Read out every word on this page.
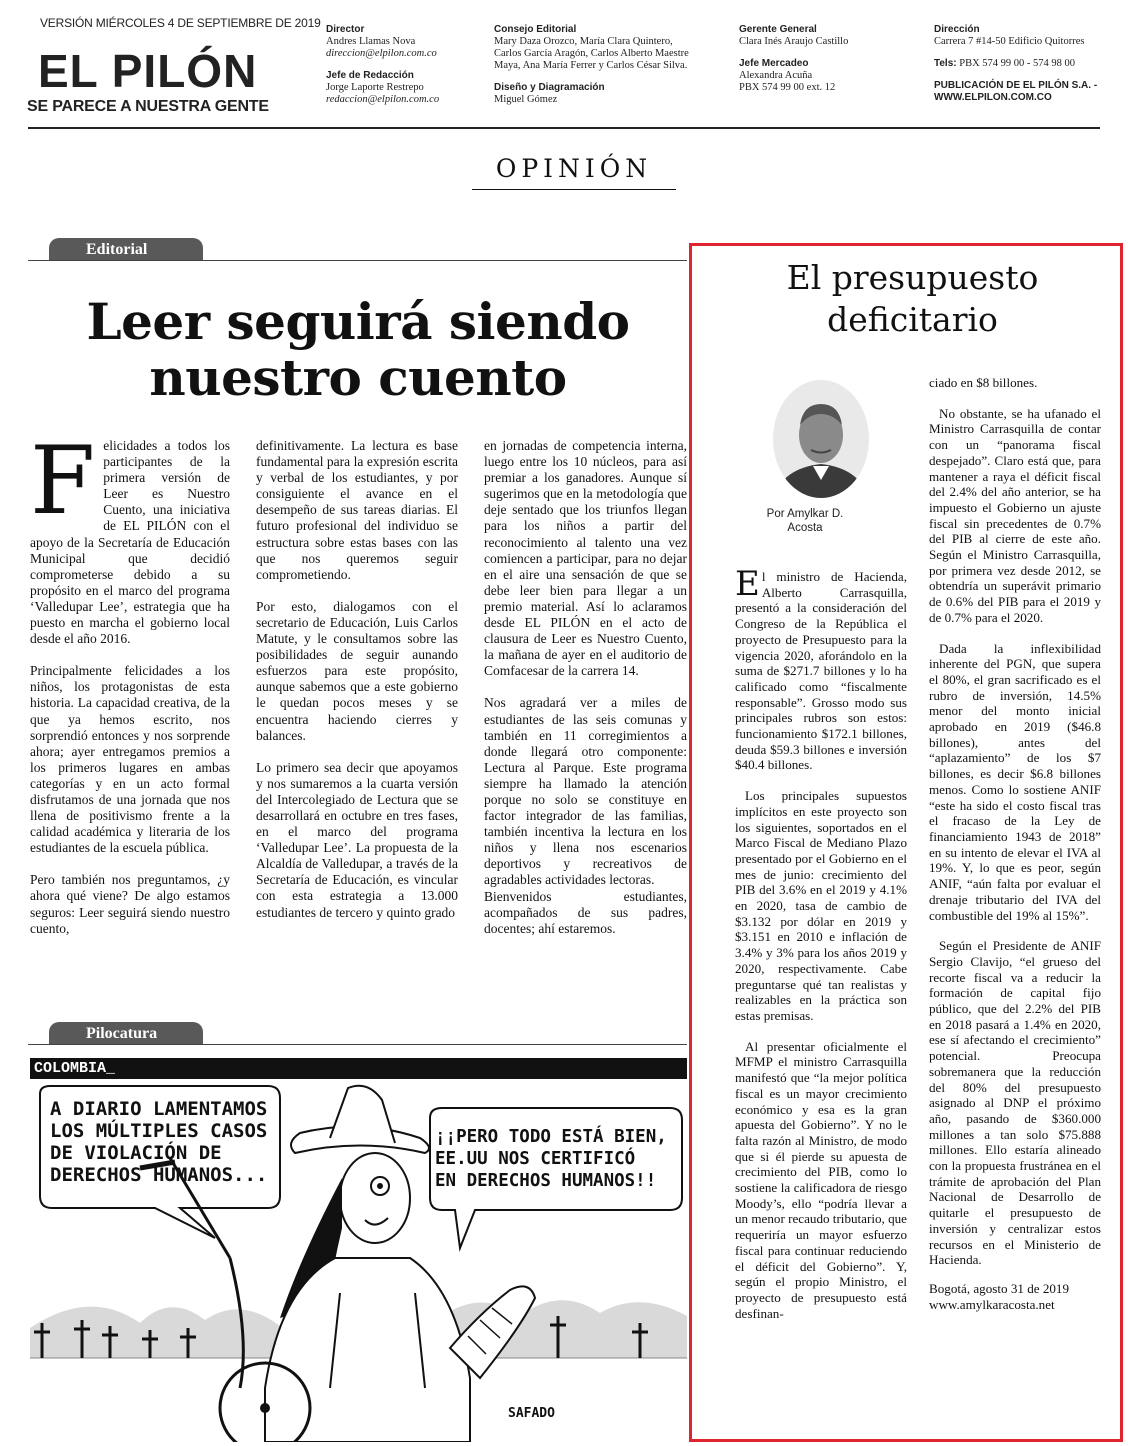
VERSIÓN MIÉRCOLES 4 DE SEPTIEMBRE DE 2019
EL PILÓN
SE PARECE A NUESTRA GENTE
Director
Andres Llamas Nova
direccion@elpilon.com.co
Jefe de Redacción
Jorge Laporte Restrepo
redaccion@elpilon.com.co
Consejo Editorial
Mary Daza Orozco, María Clara Quintero,
Carlos García Aragón, Carlos Alberto Maestre
Maya, Ana María Ferrer y Carlos César Silva.
Diseño y Diagramación
Miguel Gómez
Gerente General
Clara Inés Araujo Castillo
Jefe Mercadeo
Alexandra Acuña
PBX 574 99 00 ext. 12
Dirección
Carrera 7 #14-50 Edificio Quitorres
Tels: PBX 574 99 00 - 574 98 00
PUBLICACIÓN DE EL PILÓN S.A. -
WWW.ELPILON.COM.CO
OPINIÓN
Editorial
Leer seguirá siendo
nuestro cuento

Felicidades a todos los participantes de la primera versión de Leer es Nuestro Cuento, una iniciativa de EL PILÓN con el apoyo de la Secretaría de Educación Municipal que decidió comprometerse debido a su propósito en el marco del programa ‘Valledupar Lee’, estrategia que ha puesto en marcha el gobierno local desde el año 2016.

Principalmente felicidades a los niños, los protagonistas de esta historia. La capacidad creativa, de la que ya hemos escrito, nos sorprendió entonces y nos sorprende ahora; ayer entregamos premios a los primeros lugares en ambas categorías y en un acto formal disfrutamos de una jornada que nos llena de positivismo frente a la calidad académica y literaria de los estudiantes de la escuela pública.

Pero también nos preguntamos, ¿y ahora qué viene? De algo estamos seguros: Leer seguirá siendo nuestro cuento,

definitivamente. La lectura es base fundamental para la expresión escrita y verbal de los estudiantes, y por consiguiente el avance en el desempeño de sus tareas diarias. El futuro profesional del individuo se estructura sobre estas bases con las que nos queremos seguir comprometiendo.

Por esto, dialogamos con el secretario de Educación, Luis Carlos Matute, y le consultamos sobre las posibilidades de seguir aunando esfuerzos para este propósito, aunque sabemos que a este gobierno le quedan pocos meses y se encuentra haciendo cierres y balances.

Lo primero sea decir que apoyamos y nos sumaremos a la cuarta versión del Intercolegiado de Lectura que se desarrollará en octubre en tres fases, en el marco del programa ‘Valledupar Lee’. La propuesta de la Alcaldía de Valledupar, a través de la Secretaría de Educación, es vincular con esta estrategia a 13.000 estudiantes de tercero y quinto grado

en jornadas de competencia interna, luego entre los 10 núcleos, para así premiar a los ganadores. Aunque sí sugerimos que en la metodología que deje sentado que los triunfos llegan para los niños a partir del reconocimiento al talento una vez comiencen a participar, para no dejar en el aire una sensación de que se debe leer bien para llegar a un premio material. Así lo aclaramos desde EL PILÓN en el acto de clausura de Leer es Nuestro Cuento, la mañana de ayer en el auditorio de Comfacesar de la carrera 14.

Nos agradará ver a miles de estudiantes de las seis comunas y también en 11 corregimientos a donde llegará otro componente: Lectura al Parque. Este programa siempre ha llamado la atención porque no solo se constituye en factor integrador de las familias, también incentiva la lectura en los niños y llena nos escenarios deportivos y recreativos de agradables actividades lectoras.

Bienvenidos estudiantes, acompañados de sus padres, docentes; ahí estaremos.

Pilocatura
COLOMBIA_
A DIARIO LAMENTAMOS
LOS MÚLTIPLES CASOS
DE VIOLACIÓN DE
DERECHOS HUMANOS...
¡¡PERO TODO ESTÁ BIEN,
EE.UU NOS CERTIFICÓ
EN DERECHOS HUMANOS!!
SAFADO
El presupuesto
deficitario
Por Amylkar D.
Acosta

El ministro de Hacienda, Alberto Carrasquilla, presentó a la consideración del Congreso de la República el proyecto de Presupuesto para la vigencia 2020, aforándolo en la suma de $271.7 billones y lo ha calificado como “fiscalmente responsable”. Grosso modo sus principales rubros son estos: funcionamiento $172.1 billones, deuda $59.3 billones e inversión $40.4 billones.

Los principales supuestos implícitos en este proyecto son los siguientes, soportados en el Marco Fiscal de Mediano Plazo presentado por el Gobierno en el mes de junio: crecimiento del PIB del 3.6% en el 2019 y 4.1% en 2020, tasa de cambio de $3.132 por dólar en 2019 y $3.151 en 2010 e inflación de 3.4% y 3% para los años 2019 y 2020, respectivamente. Cabe preguntarse qué tan realistas y realizables en la práctica son estas premisas.

Al presentar oficialmente el MFMP el ministro Carrasquilla manifestó que “la mejor política fiscal es un mayor crecimiento económico y esa es la gran apuesta del Gobierno”. Y no le falta razón al Ministro, de modo que si él pierde su apuesta de crecimiento del PIB, como lo sostiene la calificadora de riesgo Moody’s, ello “podría llevar a un menor recaudo tributario, que requeriría un mayor esfuerzo fiscal para continuar reduciendo el déficit del Gobierno”. Y, según el propio Ministro, el proyecto de presupuesto está desfinan-

ciado en $8 billones.

No obstante, se ha ufanado el Ministro Carrasquilla de contar con un “panorama fiscal despejado”. Claro está que, para mantener a raya el déficit fiscal del 2.4% del año anterior, se ha impuesto el Gobierno un ajuste fiscal sin precedentes de 0.7% del PIB al cierre de este año. Según el Ministro Carrasquilla, por primera vez desde 2012, se obtendría un superávit primario de 0.6% del PIB para el 2019 y de 0.7% para el 2020.

Dada la inflexibilidad inherente del PGN, que supera el 80%, el gran sacrificado es el rubro de inversión, 14.5% menor del monto inicial aprobado en 2019 ($46.8 billones), antes del “aplazamiento” de los $7 billones, es decir $6.8 billones menos. Como lo sostiene ANIF “este ha sido el costo fiscal tras el fracaso de la Ley de financiamiento 1943 de 2018” en su intento de elevar el IVA al 19%. Y, lo que es peor, según ANIF, “aún falta por evaluar el drenaje tributario del IVA del combustible del 19% al 15%”.

Según el Presidente de ANIF Sergio Clavijo, “el grueso del recorte fiscal va a reducir la formación de capital fijo público, que del 2.2% del PIB en 2018 pasará a 1.4% en 2020, ese sí afectando el crecimiento” potencial. Preocupa sobremanera que la reducción del 80% del presupuesto asignado al DNP el próximo año, pasando de $360.000 millones a tan solo $75.888 millones. Ello estaría alineado con la propuesta frustránea en el trámite de aprobación del Plan Nacional de Desarrollo de quitarle el presupuesto de inversión y centralizar estos recursos en el Ministerio de Hacienda.

Bogotá, agosto 31 de 2019
www.amylkaracosta.net
